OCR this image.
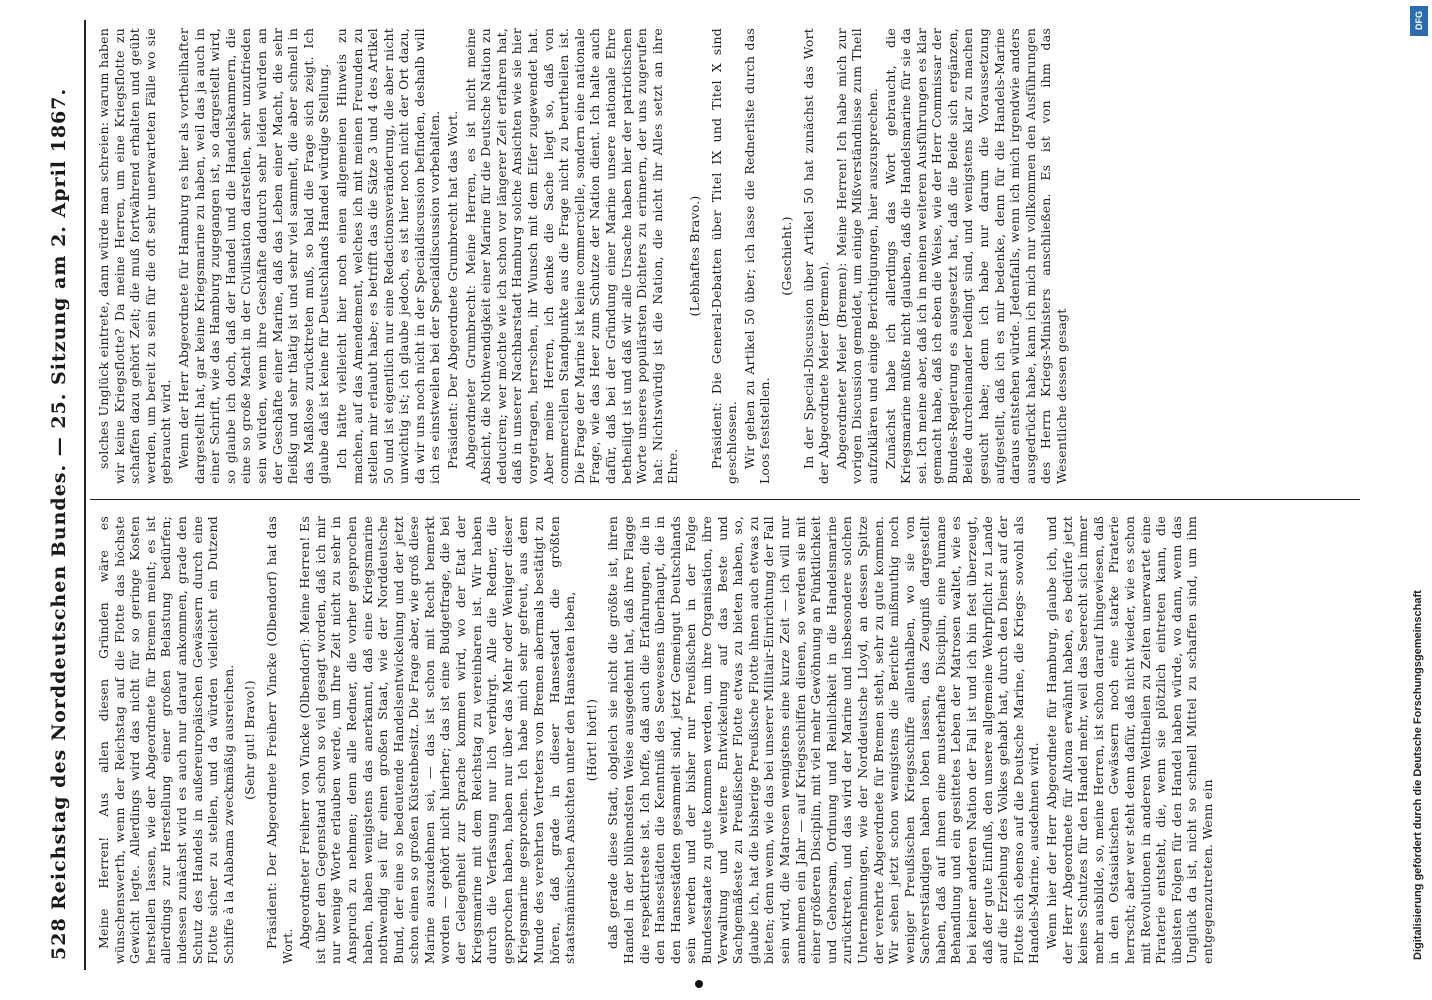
528
Reichstag des Norddeutschen Bundes. — 25. Sitzung am 2. April 1867. Meine Herren! Aus allen diesen Gründen wäre es wünschenswerth, wenn der Reichstag auf die Flotte das höchste Gewicht legte. Allerdings wird das nicht für so geringe Kosten herstellen lassen, wie der Abgeordnete für Bremen meint; es ist allerdings zur Herstellung einer großen Belastung bedürfen; indessen zunächst wird es auch nur darauf ankommen, grade den Schutz des Handels in außereuropäischen Gewässern durch eine Flotte sicher zu stellen, und da würden vielleicht ein Dutzend Schiffe à la Alabama zweckmäßig ausreichen. (Sehr gut! Bravo!) Präsident: Der Abgeordnete Freiherr Vincke (Olbendorf) hat das Wort. Abgeordneter Freiherr von Vincke (Olbendorf): Meine Herren! Es ist über den Gegenstand schon so viel gesagt worden, daß ich mir nur wenige Worte erlauben werde, um Ihre Zeit nicht zu sehr in Anspruch zu nehmen; denn alle Redner, die vorher gesprochen haben, haben wenigstens das anerkannt, daß eine Kriegsmarine nothwendig sei für einen großen Staat, wie der Norddeutsche Bund, der eine so bedeutende Handelsentwickelung und der jetzt schon einen so großen Küstenbesitz. Die Frage aber, wie groß diese Marine auszudehnen sei, — das ist schon mit Recht bemerkt worden — gehört nicht hierher; das ist eine Budgetfrage, die bei der Gelegenheit zur Sprache kommen wird, wo der Etat der Kriegsmarine mit dem Reichstag zu vereinbaren ist. Wir haben durch die Verfassung nur lich verbürgt. Alle die Redner, die gesprochen haben, haben nur über das Mehr oder Weniger dieser Kriegsmarine gesprochen. Ich habe mich sehr gefreut, aus dem Munde des verehrten Vertreters von Bremen abermals bestätigt zu hören, daß grade in dieser Hansestadt die größten staatsmännischen Ansichten unter den Hanseaten leben, (Hört! hört!) daß gerade diese Stadt, obgleich sie nicht die größte ist, ihren Handel in der blühendsten Weise ausgedehnt hat, daß ihre Flagge die respektirteste ist. Ich hoffe, daß auch die Erfahrungen, die in den Hansestädten die Kenntniß des Seewesens überhaupt, die in den Hansestädten gesammelt sind, jetzt Gemeingut Deutschlands sein werden und der bisher nur Preußischen in der Folge Bundesstaate zu gute kommen werden, um ihre Organisation, ihre Verwaltung und weitere Entwickelung auf das Beste und Sachgemäßeste zu Preußischer Flotte etwas zu bieten haben, so, glaube ich, hat die bisherige Preußische Flotte ihnen auch etwas zu bieten; denn wenn, wie das bei unserer Militair-Einrichtung der Fall sein wird, die Matrosen wenigstens eine kurze Zeit — ich will nur annehmen ein Jahr — auf Kriegsschiffen dienen, so werden sie mit einer größeren Disciplin, mit viel mehr Gewöhnung an Pünktlichkeit und Gehorsam, Ordnung und Reinlichkeit in die Handelsmarine zurücktreten, und das wird der Marine und insbesondere solchen Unternehmungen, wie der Norddeutsche Lloyd, an dessen Spitze der verehrte Abgeordnete für Bremen steht, sehr zu gute kommen. Wir sehen jetzt schon wenigstens die Berichte mißmuthig noch weniger Preußischen Kriegsschiffe allenthalben, wo sie von Sachverständigen haben loben lassen, das Zeugniß dargestellt haben, daß auf ihnen eine musterhafte Disciplin, eine humane Behandlung und ein gesittetes Leben der Matrosen waltet, wie es bei keiner anderen Nation der Fall ist und ich bin fest überzeugt, daß der gute Einfluß, den unsere allgemeine Wehrpflicht zu Lande auf die Erziehung des Volkes gehabt hat, durch den Dienst auf der Flotte sich ebenso auf die Deutsche Marine, die Kriegs- sowohl als Handels-Marine, ausdehnen wird. Wenn hier der Herr Abgeordnete für Hamburg, glaube ich, und der Herr Abgeordnete für Altona erwähnt haben, es bedürfe jetzt keines Schutzes für den Handel mehr, weil das Seerecht sich immer mehr ausbilde, so, meine Herren, ist schon darauf hingewiesen, daß in den Ostasiatischen Gewässern noch eine starke Piraterie herrscht; aber wer steht denn dafür, daß nicht wieder, wie es schon mit Revolutionen in anderen Welttheilen zu Zeiten unerwartet eine Piraterie entsteht, die, wenn sie plötzlich eintreten kann, die übelsten Folgen für den Handel haben würde, wo dann, wenn das Unglück da ist, nicht so schnell Mittel zu schaffen sind, um ihm entgegenzutreten. Wenn ein

solches Unglück eintrete, dann würde man schreien: warum haben wir keine Kriegsflotte? Da meine Herren, um eine Kriegsflotte zu schaffen dazu gehört Zeit; die muß fortwährend erhalten und geübt werden, um bereit zu sein für die oft sehr unerwarteten Fälle wo sie gebraucht wird. Wenn der Herr Abgeordnete für Hamburg es hier als vortheilhafter dargestellt hat, gar keine Kriegsmarine zu haben, weil das ja auch in einer Schrift, wie das Hamburg zugegangen ist, so dargestellt wird, so glaube ich doch, daß der Handel und die Handelskammern, die eine so große Macht in der Civilisation darstellen, sehr unzufrieden sein würden, wenn ihre Geschäfte dadurch sehr leiden würden an der Geschäfte einer Marine, daß das Leben einer Macht, die sehr fleißig und sehr thätig ist und sehr viel sammelt, die aber schnell in das Maßlose zurücktreten muß, so bald die Frage sich zeigt. Ich glaube daß ist keine für Deutschlands Handel würdige Stellung. Ich hätte vielleicht hier noch einen allgemeinen Hinweis zu machen, auf das Amendement, welches ich mit meinen Freunden zu stellen mir erlaubt habe; es betrifft das die Sätze 3 und 4 des Artikel 50 und ist eigentlich nur eine Redactionsveränderung, die aber nicht unwichtig ist; ich glaube jedoch, es ist hier noch nicht der Ort dazu, da wir uns noch nicht in der Specialdiscussion befinden, deshalb will ich es einstweilen bei der Specialdiscussion vorbehalten. Präsident: Der Abgeordnete Grumbrecht hat das Wort. Abgeordneter Grumbrecht: Meine Herren, es ist nicht meine Absicht, die Nothwendigkeit einer Marine für die Deutsche Nation zu deduciren; wer möchte wie ich schon vor längerer Zeit erfahren hat, daß in unserer Nachbarstadt Hamburg solche Ansichten wie sie hier vorgetragen, herrschen, ihr Wunsch mit dem Eifer zugewendet hat. Aber meine Herren, ich denke die Sache liegt so, daß von commerciellen Standpunkte aus die Frage nicht zu beurtheilen ist. Die Frage der Marine ist keine commercielle, sondern eine nationale Frage, wie das Heer zum Schutze der Nation dient. Ich halte auch dafür, daß bei der Gründung einer Marine unsere nationale Ehre betheiligt ist und daß wir alle Ursache haben hier der patriotischen Worte unseres populärsten Dichters zu erinnern, der uns zugerufen hat: Nichtswürdig ist die Nation, die nicht ihr Alles setzt an ihre Ehre.

(Lebhaftes Bravo.) Präsident: Die General-Debatten über Titel IX und Titel X sind geschlossen. Wir gehen zu Artikel 50 über; ich lasse die Rednerliste durch das Loos feststellen.

(Geschieht.) In der Special-Discussion über Artikel 50 hat zunächst das Wort der Abgeordnete Meier (Bremen). Abgeordneter Meier (Bremen): Meine Herren! Ich habe mich zur vorigen Discussion gemeldet, um einige Mißverständnisse zum Theil aufzuklären und einige Berichtigungen, hier auszusprechen. Zunächst habe ich allerdings das Wort gebraucht, die Kriegsmarine müßte nicht glauben, daß die Handelsmarine für sie da sei. Ich meine aber, daß ich in meinen weiteren Ausführungen es klar gemacht habe, daß ich eben die Weise, wie der Herr Commissar der Bundes-Regierung es ausgesetzt hat, daß die Beide sich ergänzen, Beide durcheinander bedingt sind, und wenigstens klar zu machen gesucht habe; denn ich habe nur darum die Voraussetzung aufgestellt, daß ich es mir bedenke, denn für die Handels-Marine daraus entstehen würde. Jedenfalls, wenn ich mich irgendwie anders ausgedrückt habe, kann ich mich nur vollkommen den Ausführungen des Herrn Kriegs-Ministers anschließen. Es ist von ihm das Wesentliche dessen gesagt

Digitalisierung gefördert durch die Deutsche Forschungsgemeinschaft
DFG
